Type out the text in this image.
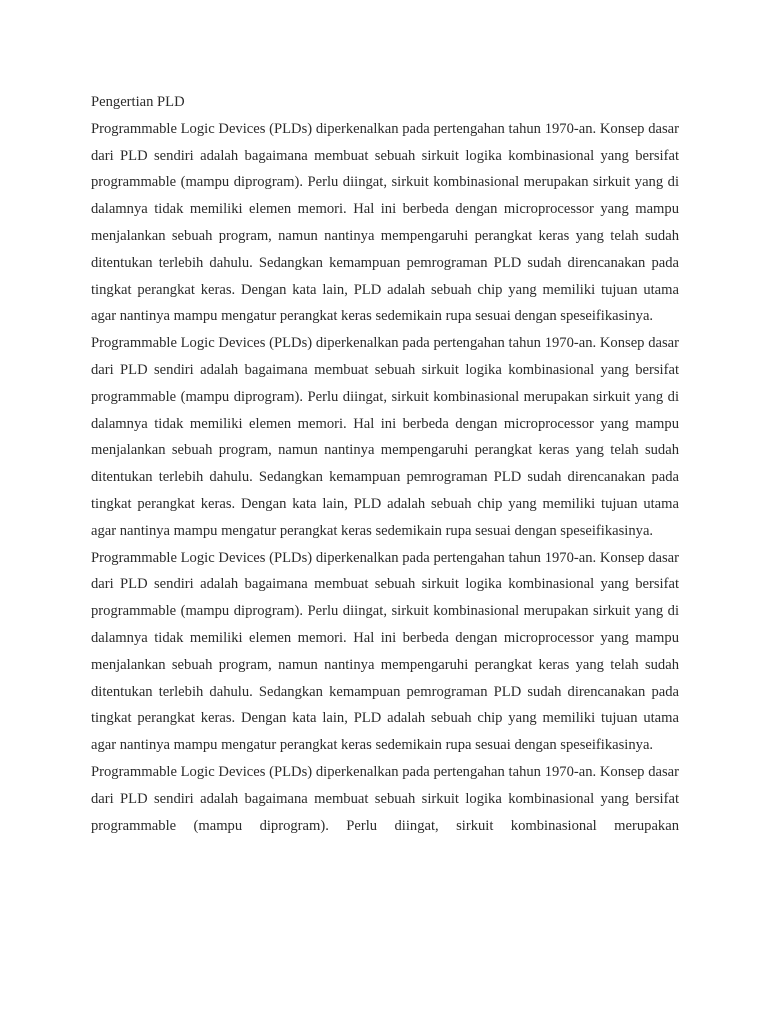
Pengertian PLD

Programmable Logic Devices (PLDs) diperkenalkan pada pertengahan tahun 1970-an. Konsep dasar dari PLD sendiri adalah bagaimana membuat sebuah sirkuit logika kombinasional yang bersifat programmable (mampu diprogram). Perlu diingat, sirkuit kombinasional merupakan sirkuit yang di dalamnya tidak memiliki elemen memori. Hal ini berbeda dengan microprocessor yang mampu menjalankan sebuah program, namun nantinya mempengaruhi perangkat keras yang telah sudah ditentukan terlebih dahulu. Sedangkan kemampuan pemrograman PLD sudah direncanakan pada tingkat perangkat keras. Dengan kata lain, PLD adalah sebuah chip yang memiliki tujuan utama agar nantinya mampu mengatur perangkat keras sedemikain rupa sesuai dengan speseifikasinya.

Programmable Logic Devices (PLDs) diperkenalkan pada pertengahan tahun 1970-an. Konsep dasar dari PLD sendiri adalah bagaimana membuat sebuah sirkuit logika kombinasional yang bersifat programmable (mampu diprogram). Perlu diingat, sirkuit kombinasional merupakan sirkuit yang di dalamnya tidak memiliki elemen memori. Hal ini berbeda dengan microprocessor yang mampu menjalankan sebuah program, namun nantinya mempengaruhi perangkat keras yang telah sudah ditentukan terlebih dahulu. Sedangkan kemampuan pemrograman PLD sudah direncanakan pada tingkat perangkat keras. Dengan kata lain, PLD adalah sebuah chip yang memiliki tujuan utama agar nantinya mampu mengatur perangkat keras sedemikain rupa sesuai dengan speseifikasinya.

Programmable Logic Devices (PLDs) diperkenalkan pada pertengahan tahun 1970-an. Konsep dasar dari PLD sendiri adalah bagaimana membuat sebuah sirkuit logika kombinasional yang bersifat programmable (mampu diprogram). Perlu diingat, sirkuit kombinasional merupakan sirkuit yang di dalamnya tidak memiliki elemen memori. Hal ini berbeda dengan microprocessor yang mampu menjalankan sebuah program, namun nantinya mempengaruhi perangkat keras yang telah sudah ditentukan terlebih dahulu. Sedangkan kemampuan pemrograman PLD sudah direncanakan pada tingkat perangkat keras. Dengan kata lain, PLD adalah sebuah chip yang memiliki tujuan utama agar nantinya mampu mengatur perangkat keras sedemikain rupa sesuai dengan speseifikasinya.

Programmable Logic Devices (PLDs) diperkenalkan pada pertengahan tahun 1970-an. Konsep dasar dari PLD sendiri adalah bagaimana membuat sebuah sirkuit logika kombinasional yang bersifat programmable (mampu diprogram). Perlu diingat, sirkuit kombinasional merupakan
